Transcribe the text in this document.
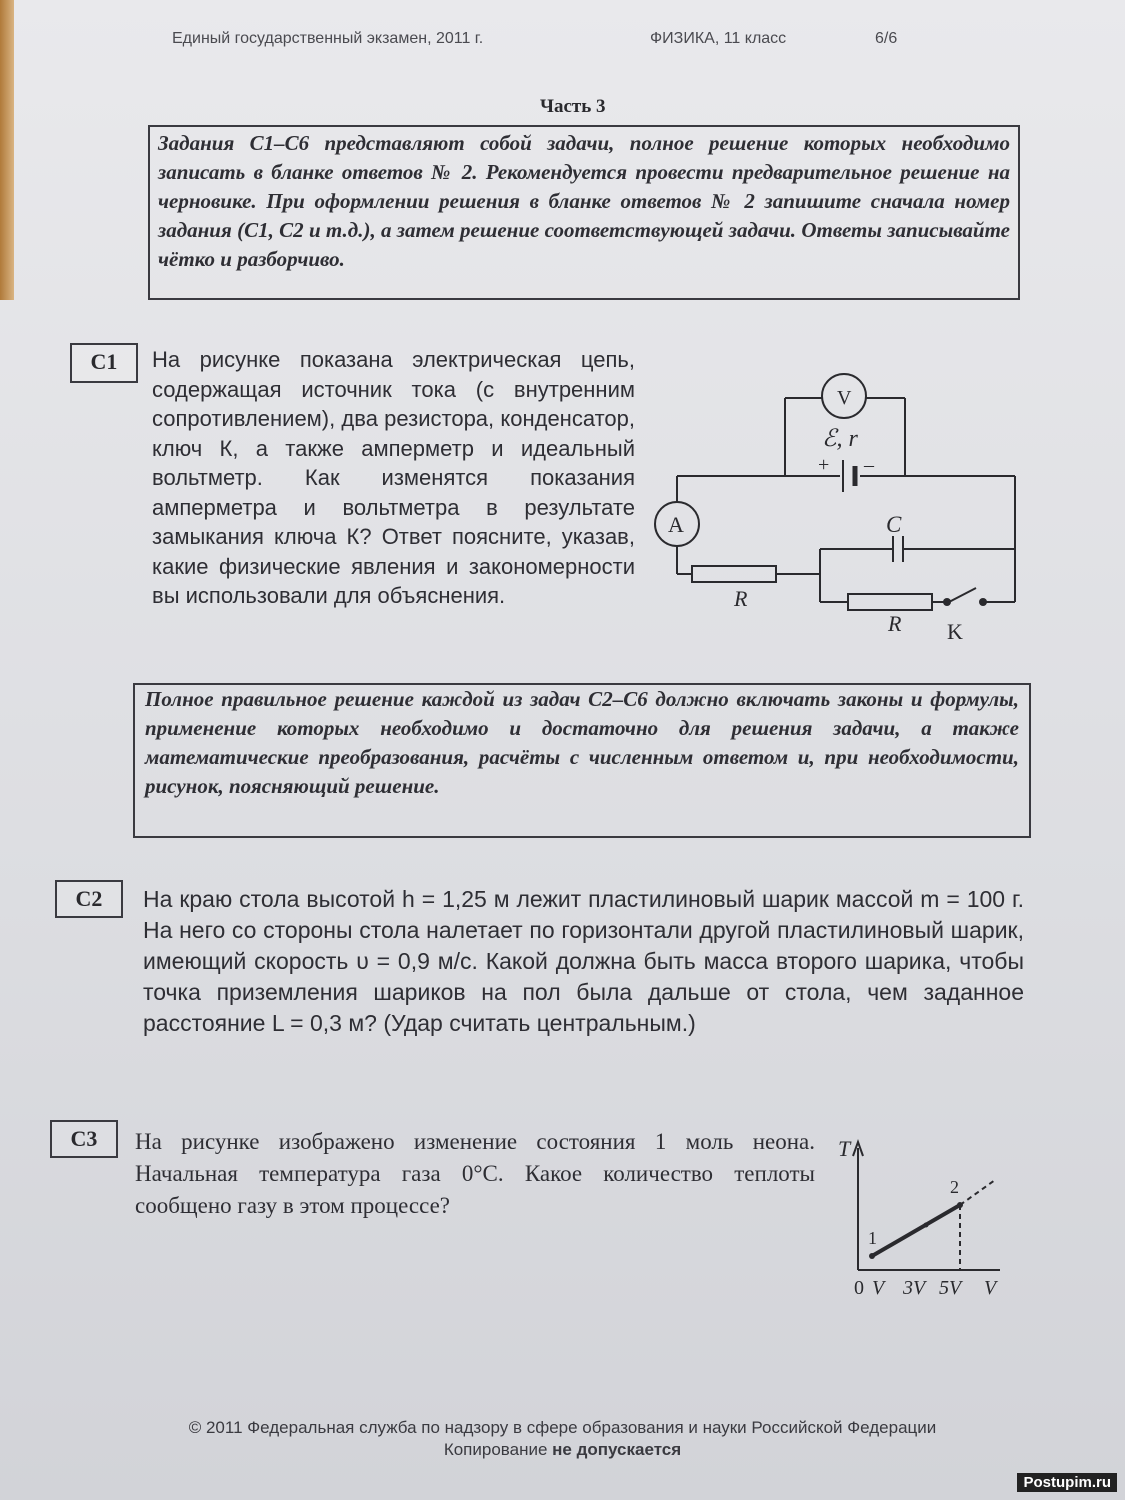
Единый государственный экзамен, 2011 г.	ФИЗИКА, 11 класс	6/6
Часть 3
Задания С1–С6 представляют собой задачи, полное решение которых необходимо записать в бланке ответов № 2. Рекомендуется провести предварительное решение на черновике. При оформлении решения в бланке ответов № 2 запишите сначала номер задания (С1, С2 и т.д.), а затем решение соответствующей задачи. Ответы записывайте чётко и разборчиво.
С1	На рисунке показана электрическая цепь, содержащая источник тока (с внутренним сопротивлением), два резистора, конденсатор, ключ К, а также амперметр и идеальный вольтметр. Как изменятся показания амперметра и вольтметра в результате замыкания ключа К? Ответ поясните, указав, какие физические явления и закономерности вы использовали для объяснения.
V
A
ℰ, r
+ –
C
R
R K
Полное правильное решение каждой из задач С2–С6 должно включать законы и формулы, применение которых необходимо и достаточно для решения задачи, а также математические преобразования, расчёты с численным ответом и, при необходимости, рисунок, поясняющий решение.
С2	На краю стола высотой h = 1,25 м лежит пластилиновый шарик массой m = 100 г. На него со стороны стола налетает по горизонтали другой пластилиновый шарик, имеющий скорость υ = 0,9 м/с. Какой должна быть масса второго шарика, чтобы точка приземления шариков на пол была дальше от стола, чем заданное расстояние L = 0,3 м? (Удар считать центральным.)
С3	На рисунке изображено изменение состояния 1 моль неона. Начальная температура газа 0°С. Какое количество теплоты сообщено газу в этом процессе?
T
1
2
0 V 3V 5V V
© 2011 Федеральная служба по надзору в сфере образования и науки Российской Федерации
Копирование не допускается
Postupim.ru
